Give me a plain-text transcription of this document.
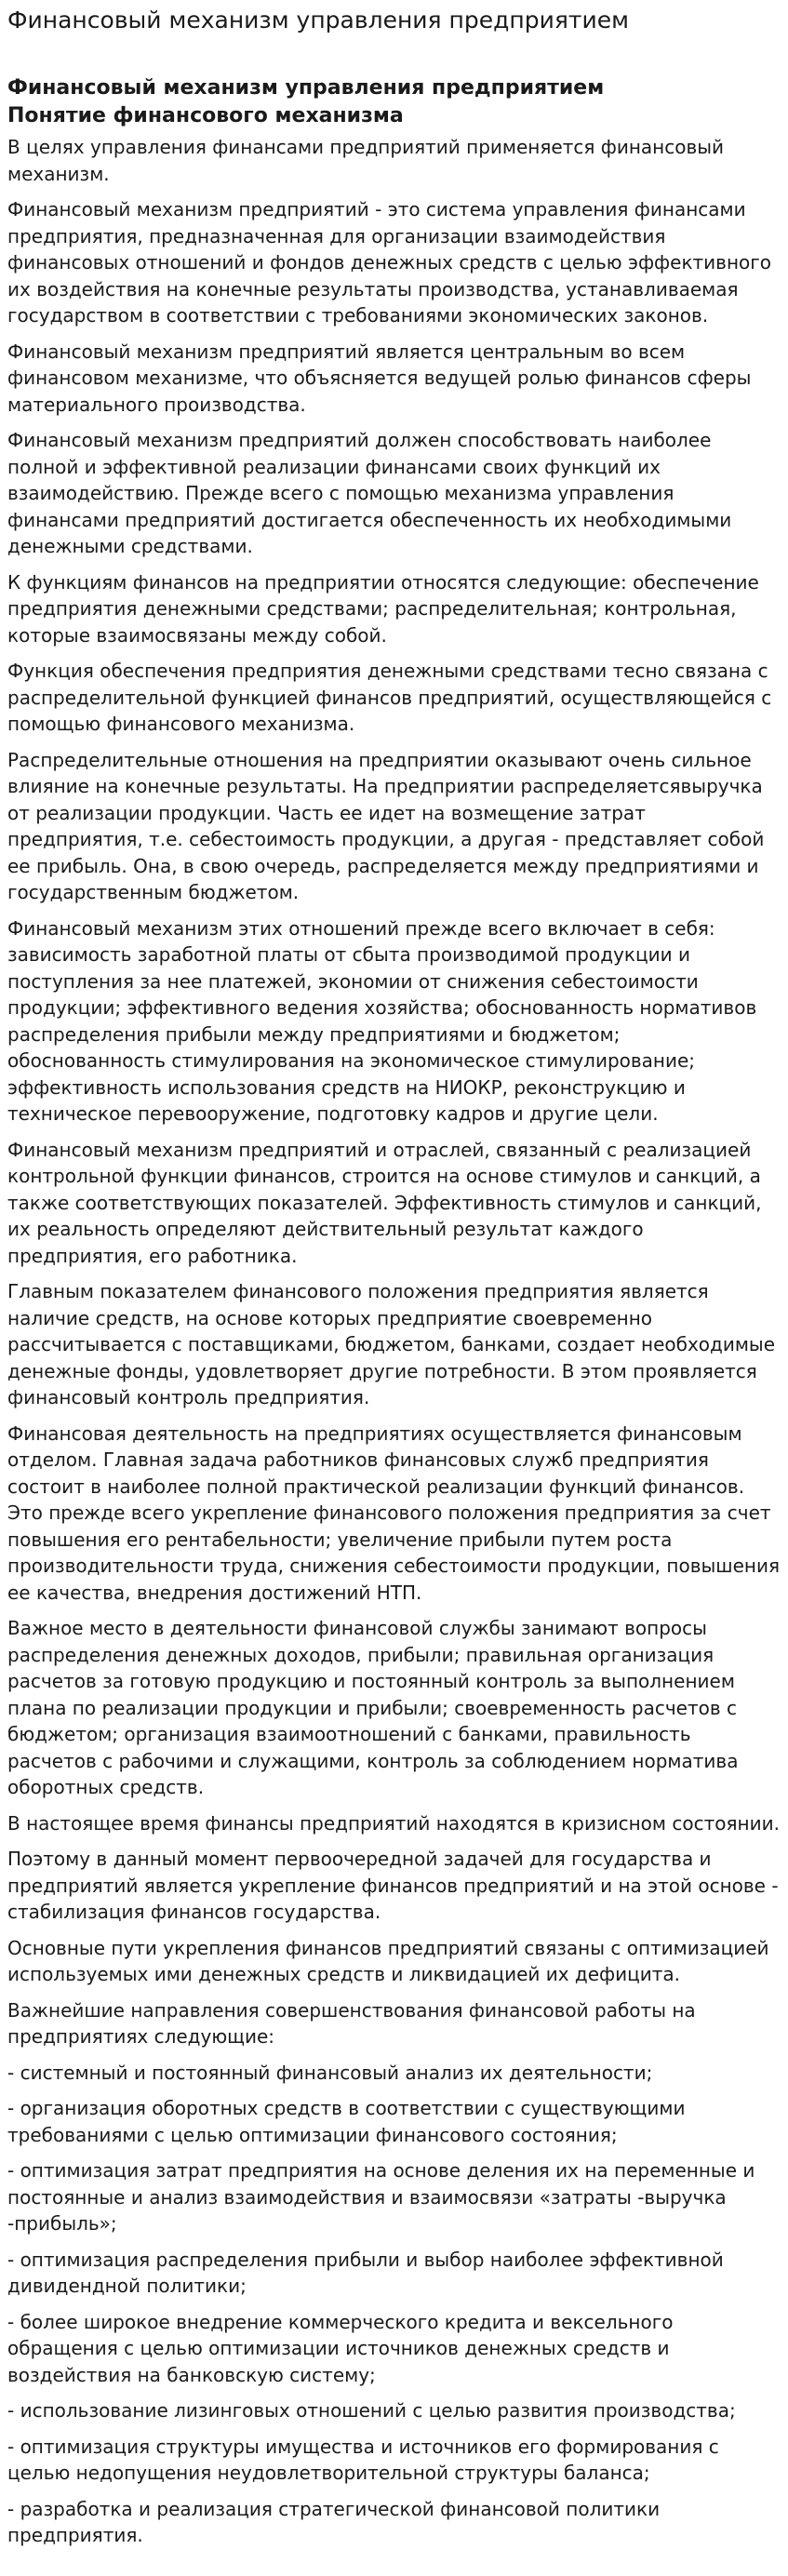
Финансовый механизм управления предприятием
Финансовый механизм управления предприятием
Понятие финансового механизма

В целях управления финансами предприятий применяется финансовый механизм.

Финансовый механизм предприятий - это система управления финансами предприятия, предназначенная для организации взаимодействия финансовых отношений и фондов денежных средств с целью эффективного их воздействия на конечные результаты производства, устанавливаемая государством в соответствии с требованиями экономических законов.

Финансовый механизм предприятий является центральным во всем финансовом механизме, что объясняется ведущей ролью финансов сферы материального производства.

Финансовый механизм предприятий должен способствовать наиболее полной и эффективной реализации финансами своих функций их взаимодействию. Прежде всего с помощью механизма управления финансами предприятий достигается обеспеченность их необходимыми денежными средствами.

К функциям финансов на предприятии относятся следующие: обеспечение предприятия денежными средствами; распределительная; контрольная, которые взаимосвязаны между собой.

Функция обеспечения предприятия денежными средствами тесно связана с распределительной функцией финансов предприятий, осуществляющейся с помощью финансового механизма.

Распределительные отношения на предприятии оказывают очень сильное влияние на конечные результаты. На предприятии распределяетсявыручка от реализации продукции. Часть ее идет на возмещение затрат предприятия, т.е. себестоимость продукции, а другая - представляет собой ее прибыль. Она, в свою очередь, распределяется между предприятиями и государственным бюджетом.

Финансовый механизм этих отношений прежде всего включает в себя: зависимость заработной платы от сбыта производимой продукции и поступления за нее платежей, экономии от снижения себестоимости продукции; эффективного ведения хозяйства; обоснованность нормативов распределения прибыли между предприятиями и бюджетом; обоснованность стимулирования на экономическое стимулирование; эффективность использования средств на НИОКР, реконструкцию и техническое перевооружение, подготовку кадров и другие цели.

Финансовый механизм предприятий и отраслей, связанный с реализацией контрольной функции финансов, строится на основе стимулов и санкций, а также соответствующих показателей. Эффективность стимулов и санкций, их реальность определяют действительный результат каждого предприятия, его работника.

Главным показателем финансового положения предприятия является наличие средств, на основе которых предприятие своевременно рассчитывается с поставщиками, бюджетом, банками, создает необходимые денежные фонды, удовлетворяет другие потребности. В этом проявляется финансовый контроль предприятия.

Финансовая деятельность на предприятиях осуществляется финансовым отделом. Главная задача работников финансовых служб предприятия состоит в наиболее полной практической реализации функций финансов. Это прежде всего укрепление финансового положения предприятия за счет повышения его рентабельности; увеличение прибыли путем роста производительности труда, снижения себестоимости продукции, повышения ее качества, внедрения достижений НТП.

Важное место в деятельности финансовой службы занимают вопросы распределения денежных доходов, прибыли; правильная организация расчетов за готовую продукцию и постоянный контроль за выполнением плана по реализации продукции и прибыли; своевременность расчетов с бюджетом; организация взаимоотношений с банками, правильность расчетов с рабочими и служащими, контроль за соблюдением норматива оборотных средств.

В настоящее время финансы предприятий находятся в кризисном состоянии.

Поэтому в данный момент первоочередной задачей для государства и предприятий является укрепление финансов предприятий и на этой основе - стабилизация финансов государства.

Основные пути укрепления финансов предприятий связаны с оптимизацией используемых ими денежных средств и ликвидацией их дефицита.

Важнейшие направления совершенствования финансовой работы на предприятиях следующие:

- системный и постоянный финансовый анализ их деятельности;

- организация оборотных средств в соответствии с существующими требованиями с целью оптимизации финансового состояния;

- оптимизация затрат предприятия на основе деления их на переменные и постоянные и анализ взаимодействия и взаимосвязи «затраты -выручка -прибыль»;

- оптимизация распределения прибыли и выбор наиболее эффективной дивидендной политики;

- более широкое внедрение коммерческого кредита и вексельного обращения с целью оптимизации источников денежных средств и воздействия на банковскую систему;

- использование лизинговых отношений с целью развития производства;

- оптимизация структуры имущества и источников его формирования с целью недопущения неудовлетворительной структуры баланса;

- разработка и реализация стратегической финансовой политики предприятия.
